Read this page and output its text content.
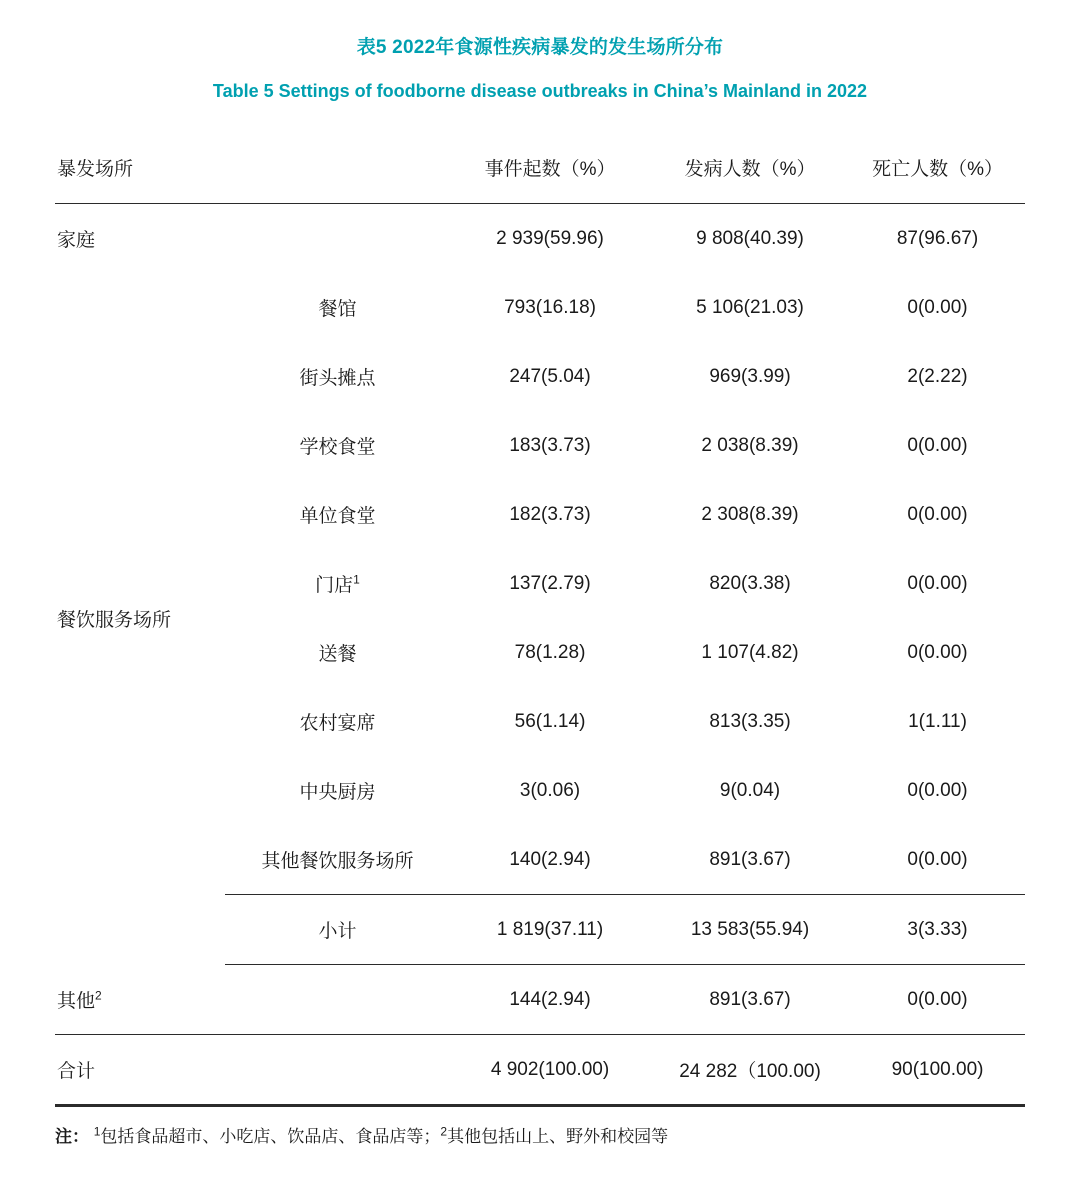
表5 2022年食源性疾病暴发的发生场所分布
Table 5 Settings of foodborne disease outbreaks in China’s Mainland in 2022
暴发场所		事件起数（%）	发病人数（%）	死亡人数（%）
家庭		2 939(59.96)	9 808(40.39)	87(96.67)
餐饮服务场所	餐馆	793(16.18)	5 106(21.03)	0(0.00)
	街头摊点	247(5.04)	969(3.99)	2(2.22)
	学校食堂	183(3.73)	2 038(8.39)	0(0.00)
	单位食堂	182(3.73)	2 308(8.39)	0(0.00)
	门店$^1$	137(2.79)	820(3.38)	0(0.00)
	送餐	78(1.28)	1 107(4.82)	0(0.00)
	农村宴席	56(1.14)	813(3.35)	1(1.11)
	中央厨房	3(0.06)	9(0.04)	0(0.00)
	其他餐饮服务场所	140(2.94)	891(3.67)	0(0.00)
	小计	1 819(37.11)	13 583(55.94)	3(3.33)
其他$^2$		144(2.94)	891(3.67)	0(0.00)
合计		4 902(100.00)	24 282（100.00)	90(100.00)
注： $^1$包括食品超市、小吃店、饮品店、食品店等；$^2$其他包括山上、野外和校园等
